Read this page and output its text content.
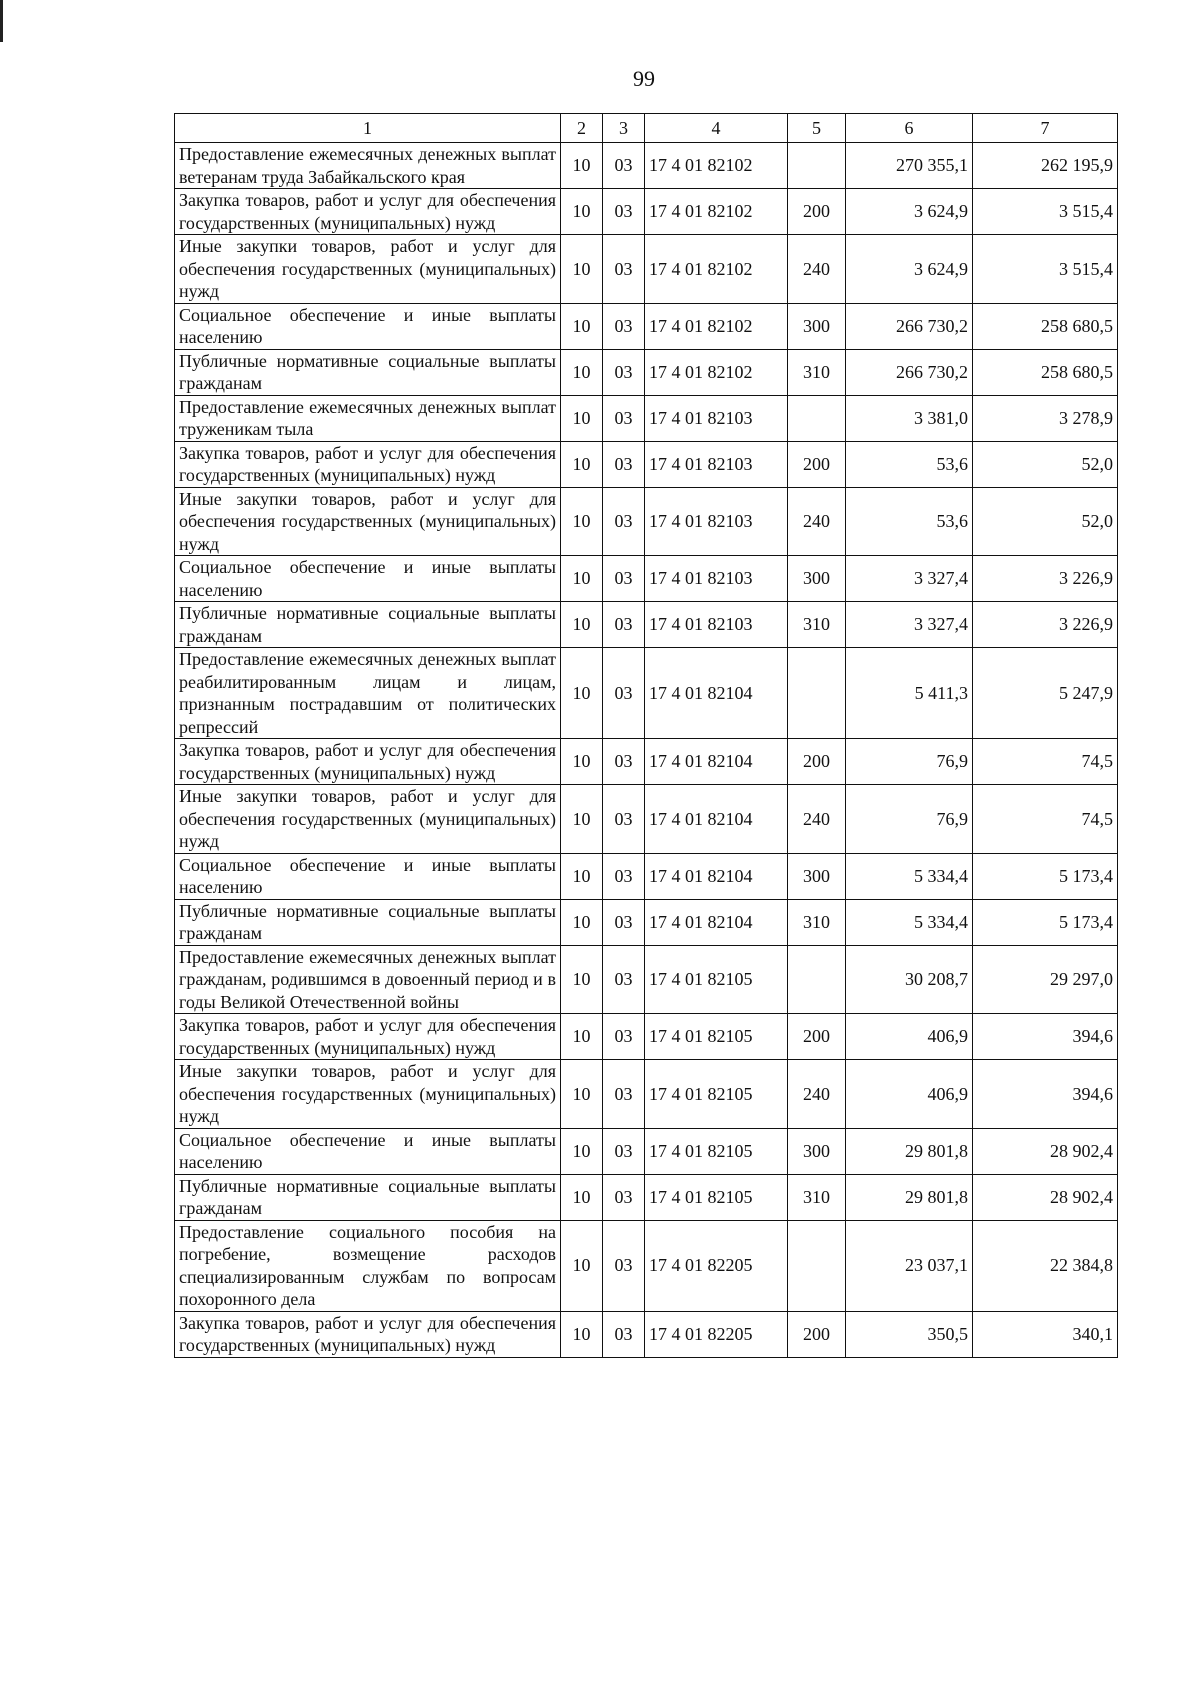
99
1	2	3	4	5	6	7
Предоставление ежемесячных денежных выплат ветеранам труда Забайкальского края	10	03	17 4 01 82102		270 355,1	262 195,9
Закупка товаров, работ и услуг для обеспечения государственных (муниципальных) нужд	10	03	17 4 01 82102	200	3 624,9	3 515,4
Иные закупки товаров, работ и услуг для обеспечения государственных (муниципальных) нужд	10	03	17 4 01 82102	240	3 624,9	3 515,4
Социальное обеспечение и иные выплаты населению	10	03	17 4 01 82102	300	266 730,2	258 680,5
Публичные нормативные социальные выплаты гражданам	10	03	17 4 01 82102	310	266 730,2	258 680,5
Предоставление ежемесячных денежных выплат труженикам тыла	10	03	17 4 01 82103		3 381,0	3 278,9
Закупка товаров, работ и услуг для обеспечения государственных (муниципальных) нужд	10	03	17 4 01 82103	200	53,6	52,0
Иные закупки товаров, работ и услуг для обеспечения государственных (муниципальных) нужд	10	03	17 4 01 82103	240	53,6	52,0
Социальное обеспечение и иные выплаты населению	10	03	17 4 01 82103	300	3 327,4	3 226,9
Публичные нормативные социальные выплаты гражданам	10	03	17 4 01 82103	310	3 327,4	3 226,9
Предоставление ежемесячных денежных выплат реабилитированным лицам и лицам, признанным пострадавшим от политических репрессий	10	03	17 4 01 82104		5 411,3	5 247,9
Закупка товаров, работ и услуг для обеспечения государственных (муниципальных) нужд	10	03	17 4 01 82104	200	76,9	74,5
Иные закупки товаров, работ и услуг для обеспечения государственных (муниципальных) нужд	10	03	17 4 01 82104	240	76,9	74,5
Социальное обеспечение и иные выплаты населению	10	03	17 4 01 82104	300	5 334,4	5 173,4
Публичные нормативные социальные выплаты гражданам	10	03	17 4 01 82104	310	5 334,4	5 173,4
Предоставление ежемесячных денежных выплат гражданам, родившимся в довоенный период и в годы Великой Отечественной войны	10	03	17 4 01 82105		30 208,7	29 297,0
Закупка товаров, работ и услуг для обеспечения государственных (муниципальных) нужд	10	03	17 4 01 82105	200	406,9	394,6
Иные закупки товаров, работ и услуг для обеспечения государственных (муниципальных) нужд	10	03	17 4 01 82105	240	406,9	394,6
Социальное обеспечение и иные выплаты населению	10	03	17 4 01 82105	300	29 801,8	28 902,4
Публичные нормативные социальные выплаты гражданам	10	03	17 4 01 82105	310	29 801,8	28 902,4
Предоставление социального пособия на погребение, возмещение расходов специализированным службам по вопросам похоронного дела	10	03	17 4 01 82205		23 037,1	22 384,8
Закупка товаров, работ и услуг для обеспечения государственных (муниципальных) нужд	10	03	17 4 01 82205	200	350,5	340,1
